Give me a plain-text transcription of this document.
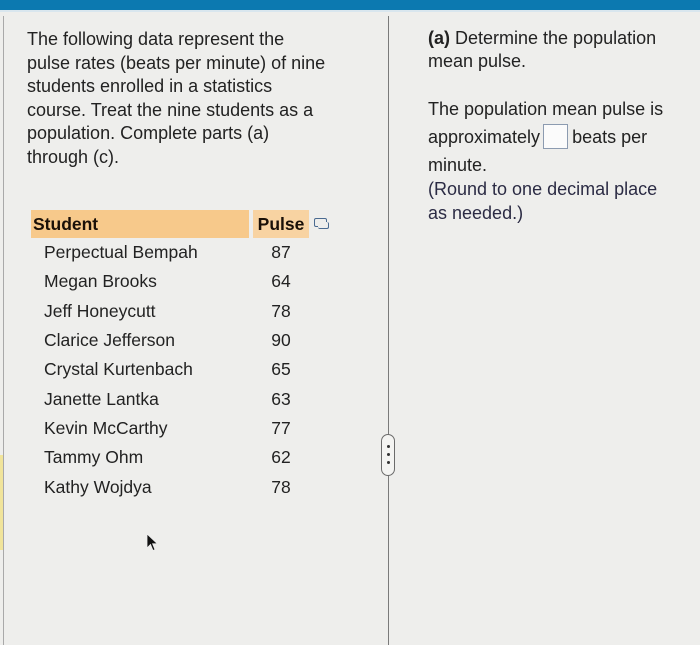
The following data represent the
pulse rates (beats per minute) of nine
students enrolled in a statistics
course. Treat the nine students as a
population. Complete parts (a)
through (c).

Student	Pulse
Perpectual Bempah	87
Megan Brooks	64
Jeff Honeycutt	78
Clarice Jefferson	90
Crystal Kurtenbach	65
Janette Lantka	63
Kevin McCarthy	77
Tammy Ohm	62
Kathy Wojdya	78

(a) Determine the population
mean pulse.

The population mean pulse is
approximately beats per
minute.
(Round to one decimal place
as needed.)
